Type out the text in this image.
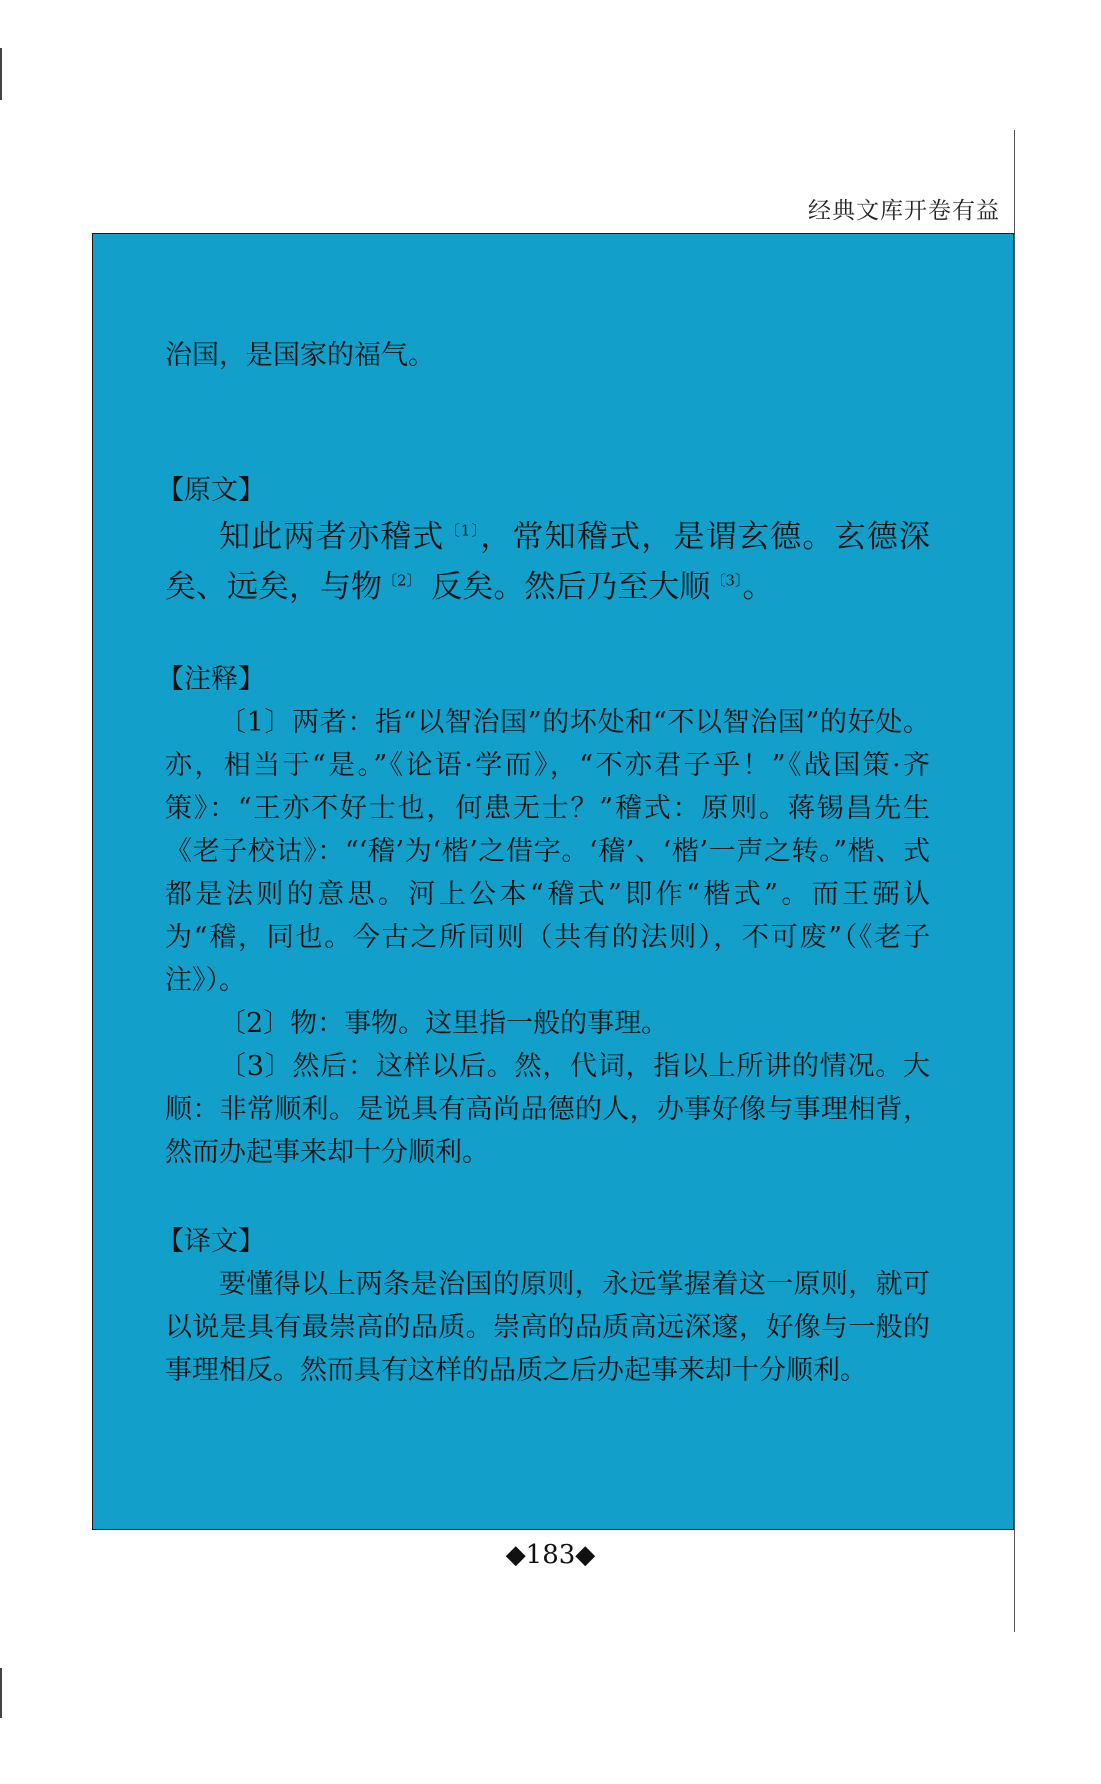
经典文库开卷有益

治国，是国家的福气。

【原文】

知此两者亦稽式$^{〔1〕}$，常知稽式，是谓玄德。玄德深矣、远矣，与物$^{〔2〕}$ 反矣。然后乃至大顺$^{〔3〕}$。

【注释】

〔1〕两者：指“以智治国”的坏处和“不以智治国”的好处。亦，相当于“是。”《论语·学而》，“不亦君子乎！”《战国策·齐策》：“王亦不好士也，何患无士？”稽式：原则。蒋锡昌先生《老子校诂》：“‘稽’为‘楷’之借字。‘稽’、‘楷’一声之转。”楷、式都是法则的意思。河上公本“稽式”即作“楷式”。而王弼认为“稽，同也。今古之所同则（共有的法则），不可废”（《老子注》）。

〔2〕物：事物。这里指一般的事理。

〔3〕然后：这样以后。然，代词，指以上所讲的情况。大顺：非常顺利。是说具有高尚品德的人，办事好像与事理相背，然而办起事来却十分顺利。

【译文】

要懂得以上两条是治国的原则，永远掌握着这一原则，就可以说是具有最崇高的品质。崇高的品质高远深邃，好像与一般的事理相反。然而具有这样的品质之后办起事来却十分顺利。

◆183◆
